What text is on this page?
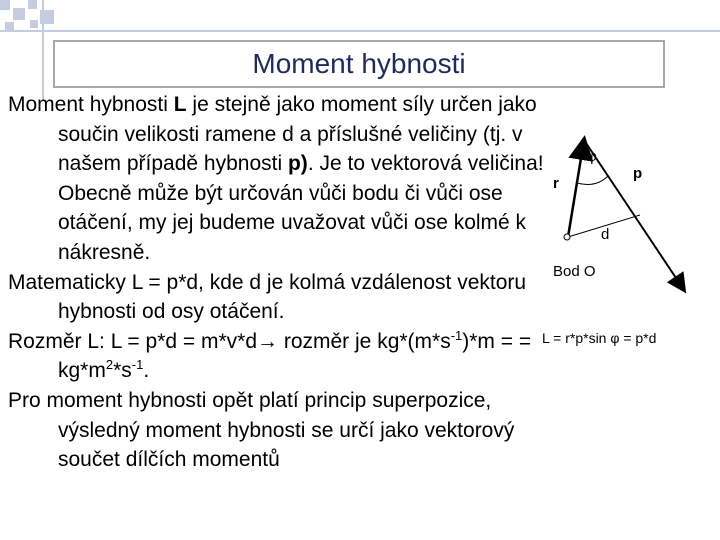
Moment hybnosti

Moment hybnosti L je stejně jako moment síly určen jako součin velikosti ramene d a příslušné veličiny (tj. v našem případě hybnosti p). Je to vektorová veličina! Obecně může být určován vůči bodu či vůči ose otáčení, my jej budeme uvažovat vůči ose kolmé k nákresně.

Matematicky L = p*d, kde d je kolmá vzdálenost vektoru hybnosti od osy otáčení.

Rozměr L: L = p*d = m*v*d→ rozměr je $kg*(m*s^{-1})*m$ = = $kg*m^2*s^{-1}$.

Pro moment hybnosti opět platí princip superpozice, výsledný moment hybnosti se určí jako vektorový součet dílčích momentů

φ
p
r
d
Bod O
L = r*p*sin φ = p*d
